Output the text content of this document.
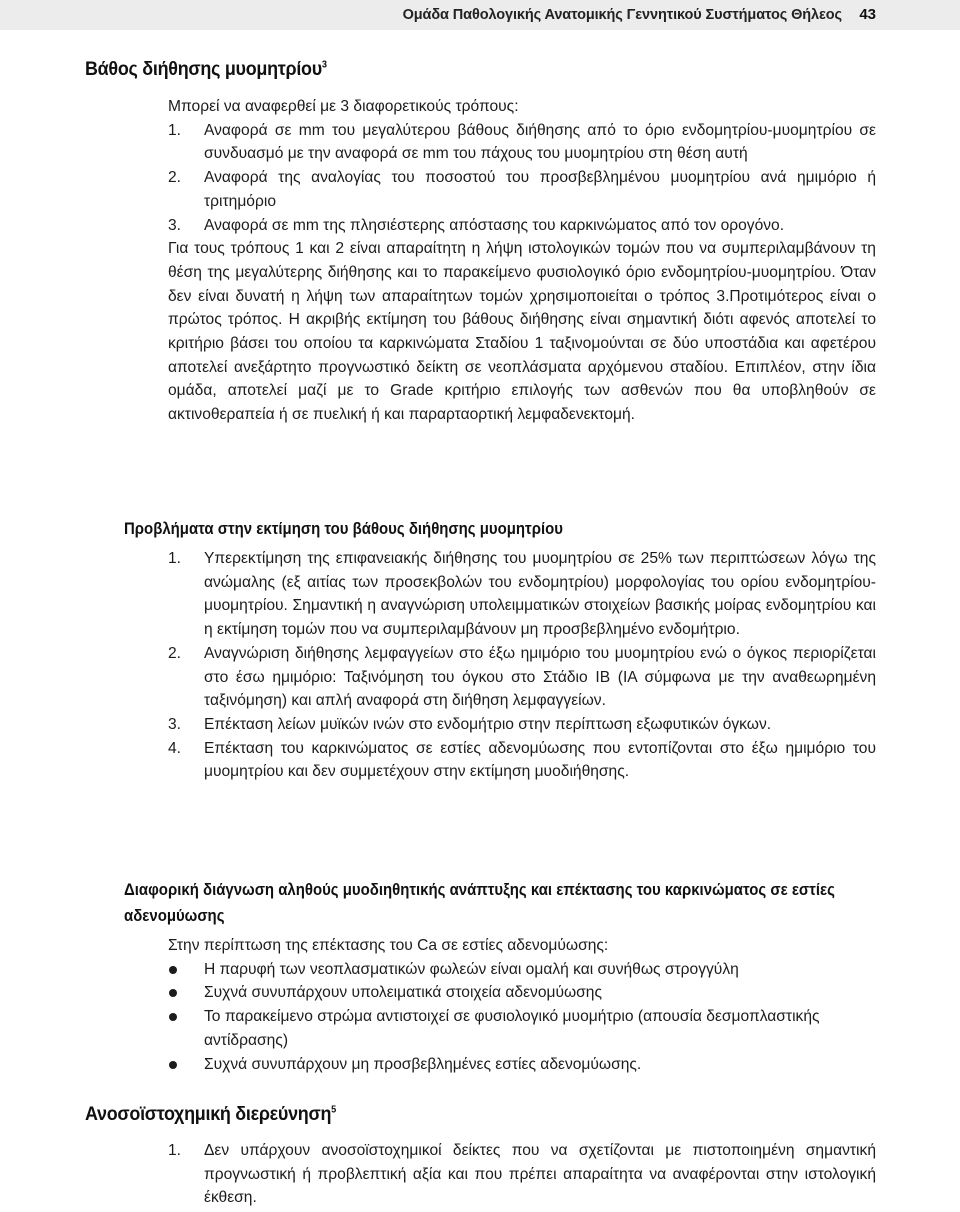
Ομάδα Παθολογικής Ανατομικής Γεννητικού Συστήματος Θήλεος 43
Βάθος διήθησης μυομητρίου$^3$

Μπορεί να αναφερθεί με 3 διαφορετικούς τρόπους:

1. Αναφορά σε mm του μεγαλύτερου βάθους διήθησης από το όριο ενδομητρίου-μυομητρίου σε συνδυασμό με την αναφορά σε mm του πάχους του μυομητρίου στη θέση αυτή
2. Αναφορά της αναλογίας του ποσοστού του προσβεβλημένου μυομητρίου ανά ημιμόριο ή τριτημόριο
3. Αναφορά σε mm της πλησιέστερης απόστασης του καρκινώματος από τον ορογόνο.

Για τους τρόπους 1 και 2 είναι απαραίτητη η λήψη ιστολογικών τομών που να συμπεριλαμβάνουν τη θέση της μεγαλύτερης διήθησης και το παρακείμενο φυσιολογικό όριο ενδομητρίου-μυομητρίου. Όταν δεν είναι δυνατή η λήψη των απαραίτητων τομών χρησιμοποιείται ο τρόπος 3.Προτιμότερος είναι ο πρώτος τρόπος. Η ακριβής εκτίμηση του βάθους διήθησης είναι σημαντική διότι αφενός αποτελεί το κριτήριο βάσει του οποίου τα καρκινώματα Σταδίου 1 ταξινομούνται σε δύο υποστάδια και αφετέρου αποτελεί ανεξάρτητο προγνωστικό δείκτη σε νεοπλάσματα αρχόμενου σταδίου. Επιπλέον, στην ίδια ομάδα, αποτελεί μαζί με το Grade κριτήριο επιλογής των ασθενών που θα υποβληθούν σε ακτινοθεραπεία ή σε πυελική ή και παραρταορτική λεμφαδενεκτομή.

Προβλήματα στην εκτίμηση του βάθους διήθησης μυομητρίου
1. Υπερεκτίμηση της επιφανειακής διήθησης του μυομητρίου σε 25% των περιπτώσεων λόγω της ανώμαλης (εξ αιτίας των προσεκβολών του ενδομητρίου) μορφολογίας του ορίου ενδομητρίου-μυομητρίου. Σημαντική η αναγνώριση υπολειμματικών στοιχείων βασικής μοίρας ενδομητρίου και η εκτίμηση τομών που να συμπεριλαμβάνουν μη προσβεβλημένο ενδομήτριο.
2. Αναγνώριση διήθησης λεμφαγγείων στο έξω ημιμόριο του μυομητρίου ενώ ο όγκος περιορίζεται στο έσω ημιμόριο: Ταξινόμηση του όγκου στο Στάδιο ΙΒ (ΙΑ σύμφωνα με την αναθεωρημένη ταξινόμηση) και απλή αναφορά στη διήθηση λεμφαγγείων.
3. Επέκταση λείων μυϊκών ινών στο ενδομήτριο στην περίπτωση εξωφυτικών όγκων.
4. Επέκταση του καρκινώματος σε εστίες αδενομύωσης που εντοπίζονται στο έξω ημιμόριο του μυομητρίου και δεν συμμετέχουν στην εκτίμηση μυοδιήθησης.
Διαφορική διάγνωση αληθούς μυοδιηθητικής ανάπτυξης και επέκτασης του καρκινώματος σε εστίες
αδενομύωσης

Στην περίπτωση της επέκτασης του Ca σε εστίες αδενομύωσης:

Η παρυφή των νεοπλασματικών φωλεών είναι ομαλή και συνήθως στρογγύλη
Συχνά συνυπάρχουν υπολειματικά στοιχεία αδενομύωσης
Το παρακείμενο στρώμα αντιστοιχεί σε φυσιολογικό μυομήτριο (απουσία δεσμοπλαστικής αντίδρασης)
Συχνά συνυπάρχουν μη προσβεβλημένες εστίες αδενομύωσης.
Ανοσοϊστοχημική διερεύνηση$^5$
1. Δεν υπάρχουν ανοσοϊστοχημικοί δείκτες που να σχετίζονται με πιστοποιημένη σημαντική προγνωστική ή προβλεπτική αξία και που πρέπει απαραίτητα να αναφέρονται στην ιστολογική έκθεση.
